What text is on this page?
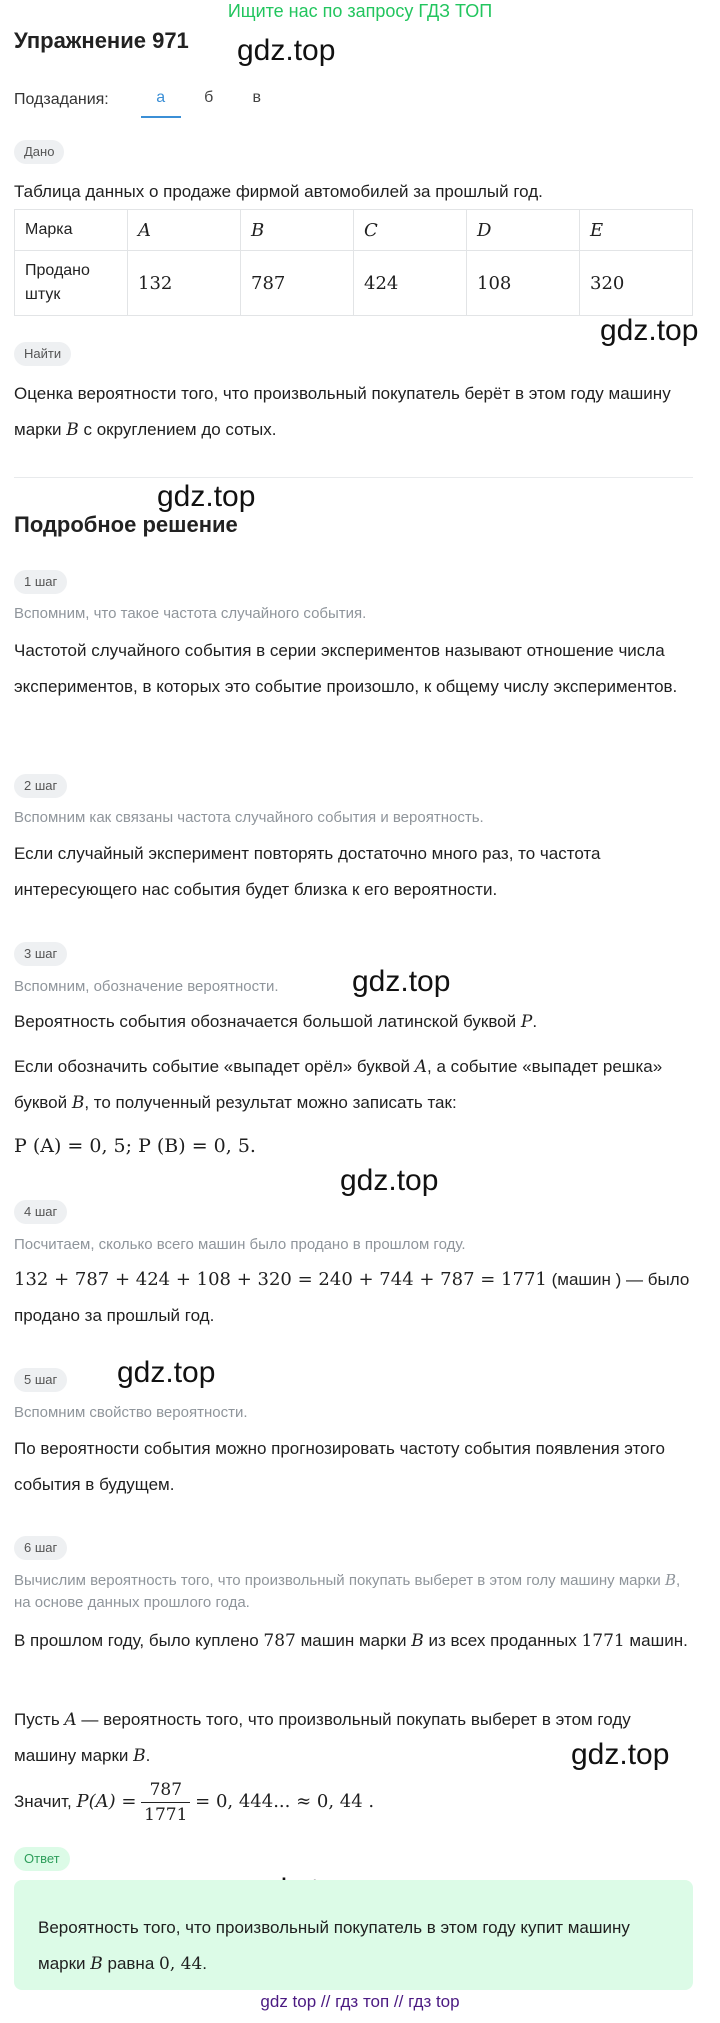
Ищите нас по запросу ГДЗ ТОП
gdz.top
gdz.top
gdz.top
gdz.top
gdz.top
gdz.top
gdz.top
Упражнение 971
Подзадания:	а	б	в
Дано

Таблица данных о продаже фирмой автомобилей за прошлый год.

Марка	A	B	C	D	E
Продано штук	132	787	424	108	320
Найти

Оценка вероятности того, что произвольный покупатель берёт в этом году машину марки B с округлением до сотых.

Подробное решение
1 шаг

Вспомним, что такое частота случайного события.

Частотой случайного события в серии экспериментов называют отношение числа экспериментов, в которых это событие произошло, к общему числу экспериментов.

2 шаг

Вспомним как связаны частота случайного события и вероятность.

Если случайный эксперимент повторять достаточно много раз, то частота интересующего нас события будет близка к его вероятности.

3 шаг

Вспомним, обозначение вероятности.

Вероятность события обозначается большой латинской буквой P.

Если обозначить событие «выпадет орёл» буквой A, а событие «выпадет решка» буквой B, то полученный результат можно записать так:

P (A) = 0, 5; P (B) = 0, 5.

4 шаг

Посчитаем, сколько всего машин было продано в прошлом году.

132 + 787 + 424 + 108 + 320 = 240 + 744 + 787 = 1771 (машин ) — было продано за прошлый год.

5 шаг

Вспомним свойство вероятности.

По вероятности события можно прогнозировать частоту события появления этого события в будущем.

6 шаг

Вычислим вероятность того, что произвольный покупать выберет в этом голу машину марки B, на основе данных прошлого года.

В прошлом году, было куплено 787 машин марки B из всех проданных 1771 машин.

Пусть A — вероятность того, что произвольный покупать выберет в этом году машину марки B.

Значит, $P(A) = \frac{787}{1771} = 0$, 444... ≈ 0, 44 .
Ответ

Вероятность того, что произвольный покупатель в этом году купит машину марки B равна 0, 44.

gdz top // гдз топ // гдз top
